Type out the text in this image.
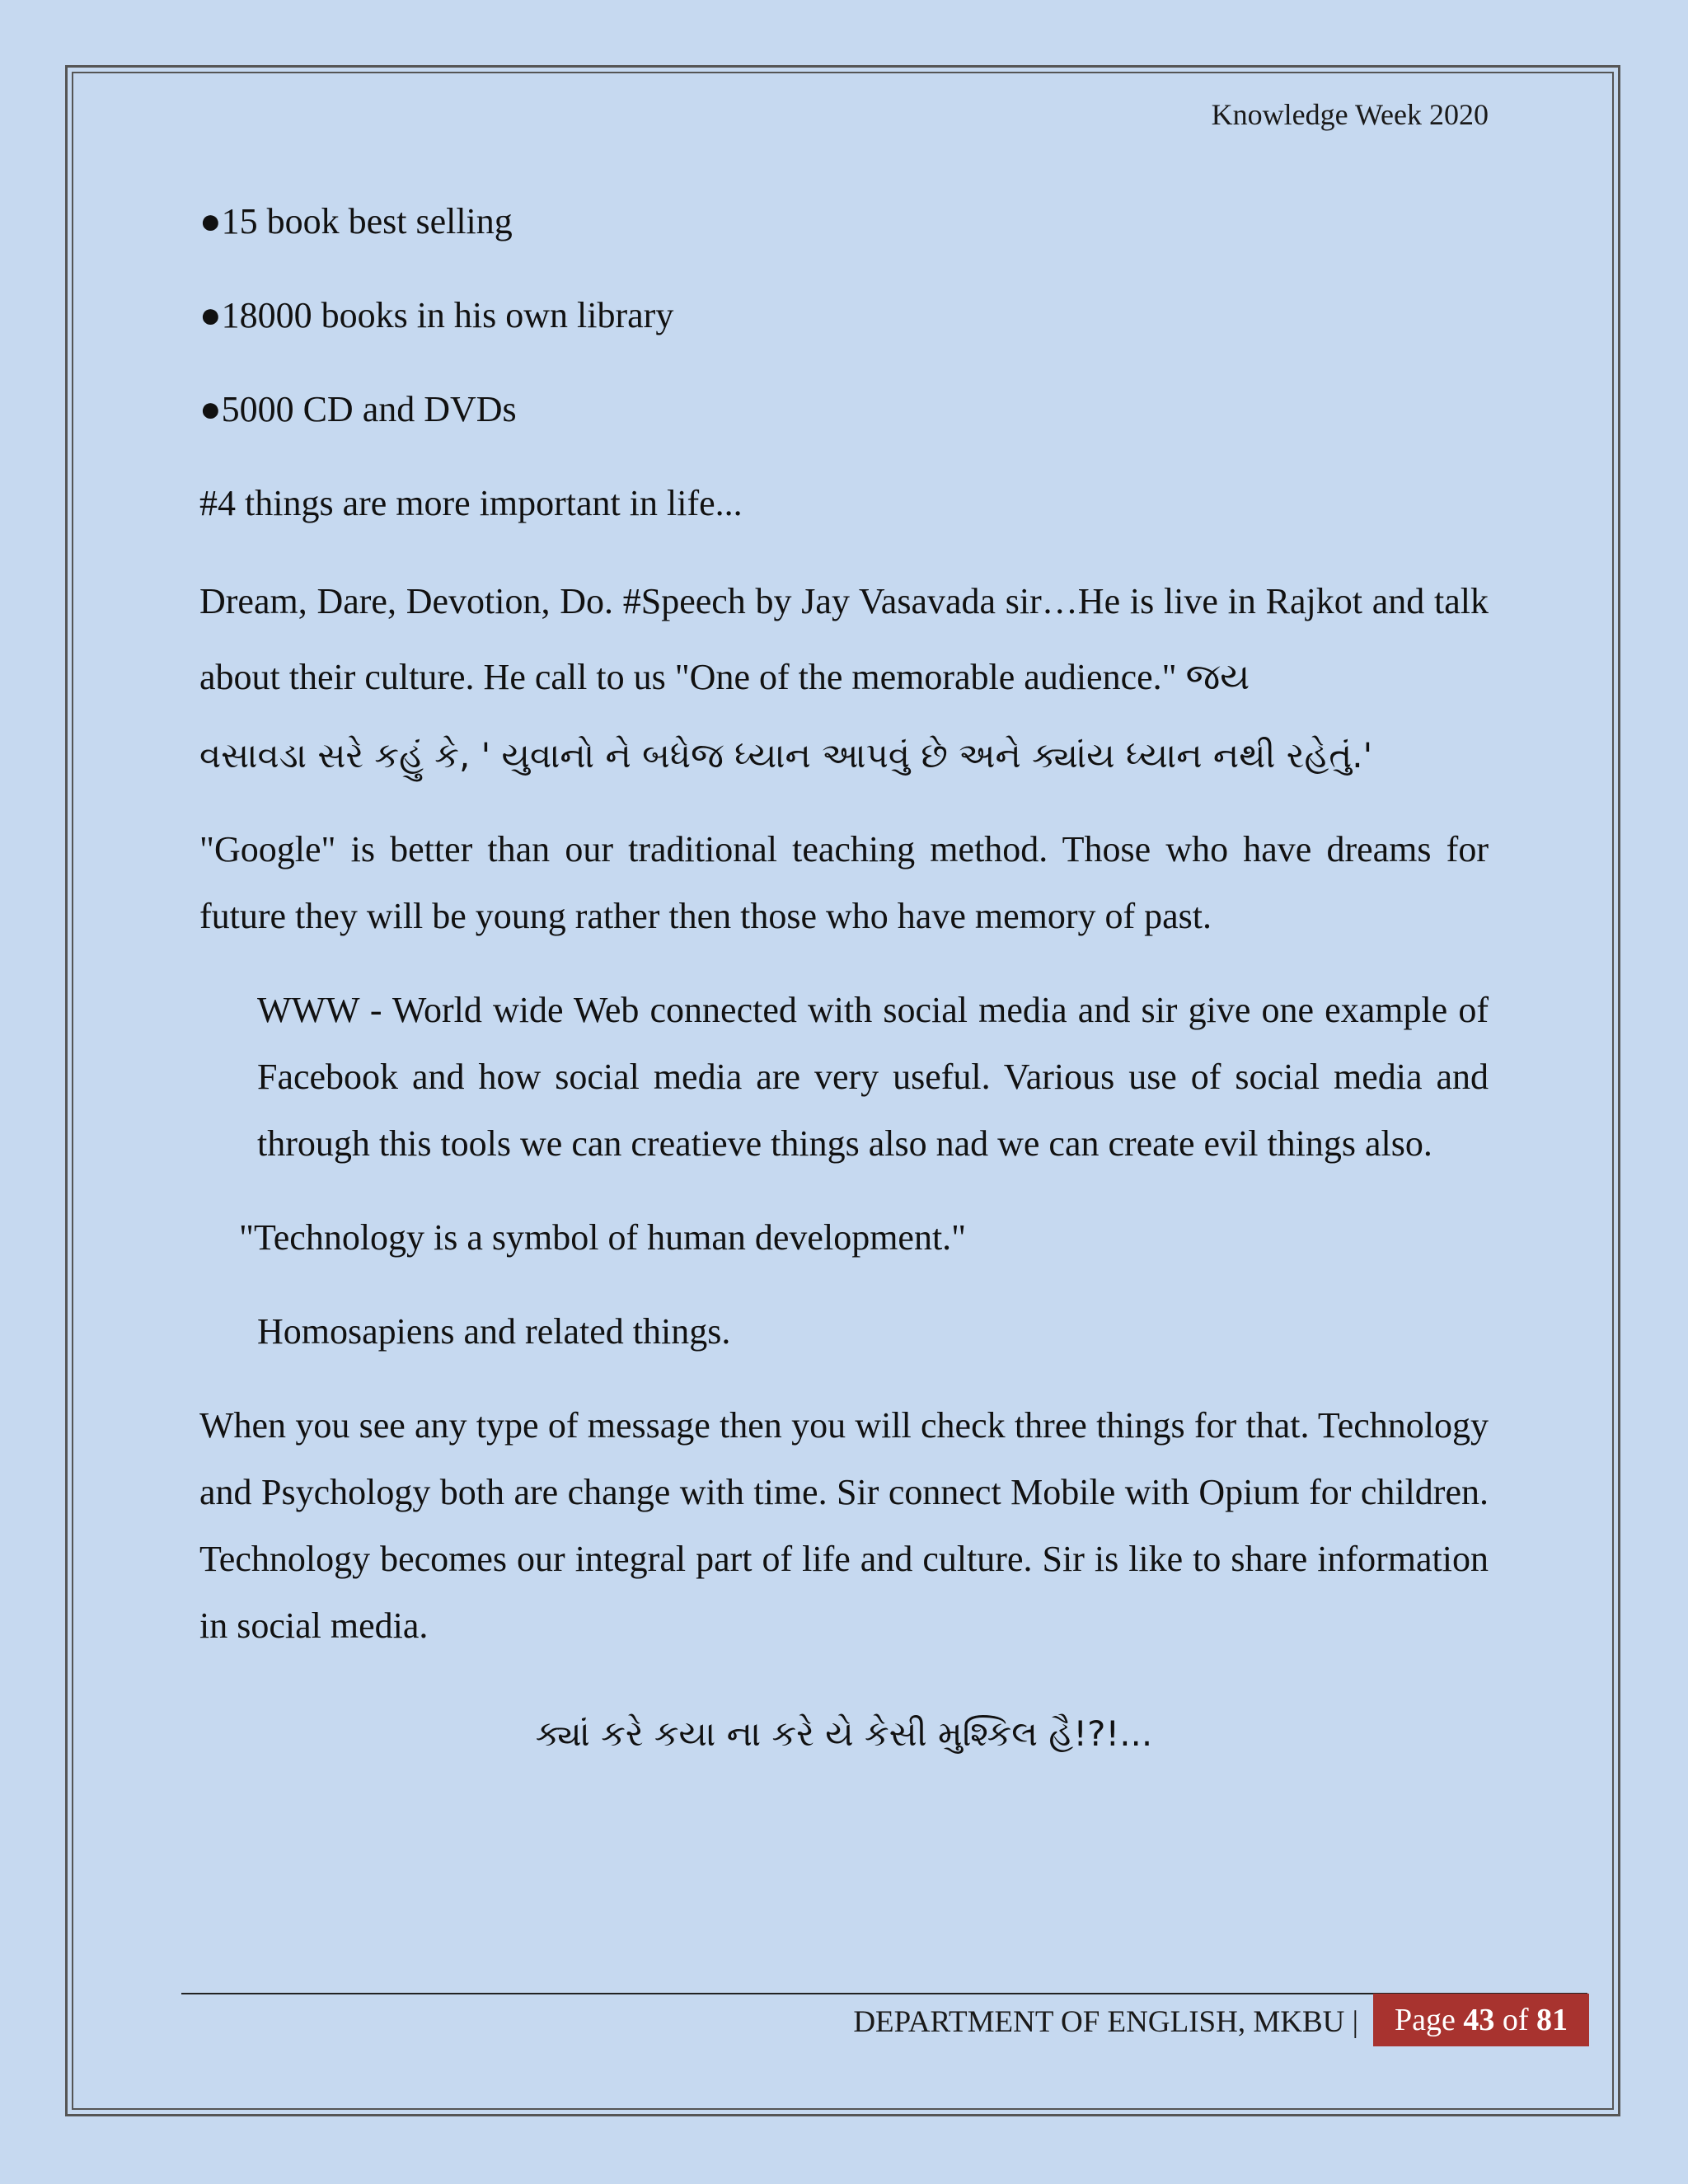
Knowledge Week 2020

●15 book best selling

●18000 books in his own library

●5000 CD and DVDs

#4 things are more important in life...

Dream, Dare, Devotion, Do. #Speech by Jay Vasavada sir…He is live in Rajkot and talk about their culture. He call to us "One of the memorable audience." જય

વસાવડા સરે કહું કે, ' યુવાનો ને બધેજ ધ્યાન આપવું છે અને ક્યાંય ધ્યાન નથી રહેતું.'

"Google" is better than our traditional teaching method. Those who have dreams for future they will be young rather then those who have memory of past.

WWW - World wide Web connected with social media and sir give one example of Facebook and how social media are very useful. Various use of social media and through this tools we can creatieve things also nad we can create evil things also.

"Technology is a symbol of human development."

Homosapiens and related things.

When you see any type of message then you will check three things for that. Technology and Psychology both are change with time. Sir connect Mobile with Opium for children. Technology becomes our integral part of life and culture. Sir is like to share information in social media.

ક્યાં કરે કયા ના કરે યે કેસી મુશ્કિલ હૈ!?!...

DEPARTMENT OF ENGLISH, MKBU |	Page 43 of 81
